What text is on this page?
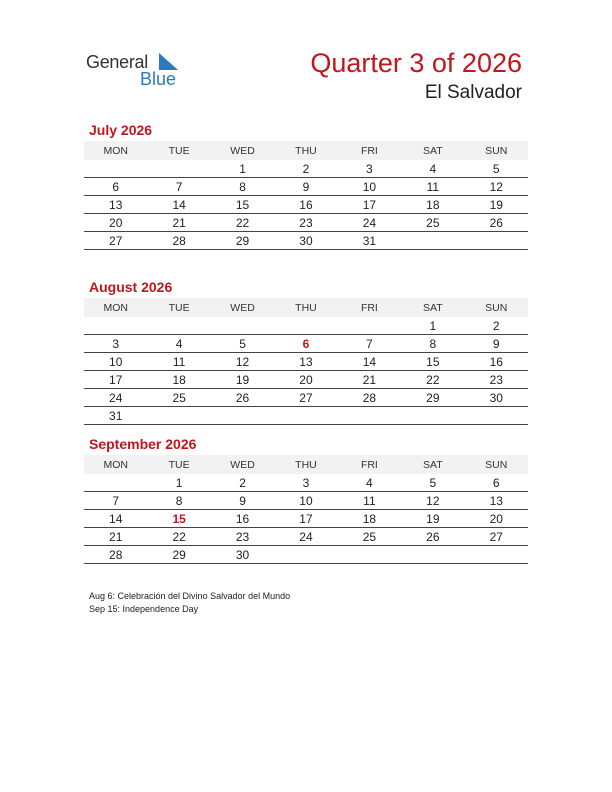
General
Blue
Quarter 3 of 2026
El Salvador
July 2026
MON	TUE	WED	THU	FRI	SAT	SUN
		1	2	3	4	5
6	7	8	9	10	11	12
13	14	15	16	17	18	19
20	21	22	23	24	25	26
27	28	29	30	31		
August 2026
MON	TUE	WED	THU	FRI	SAT	SUN
					1	2
3	4	5	6	7	8	9
10	11	12	13	14	15	16
17	18	19	20	21	22	23
24	25	26	27	28	29	30
31						
September 2026
MON	TUE	WED	THU	FRI	SAT	SUN
	1	2	3	4	5	6
7	8	9	10	11	12	13
14	15	16	17	18	19	20
21	22	23	24	25	26	27
28	29	30				
Aug 6: Celebración del Divino Salvador del Mundo
Sep 15: Independence Day
